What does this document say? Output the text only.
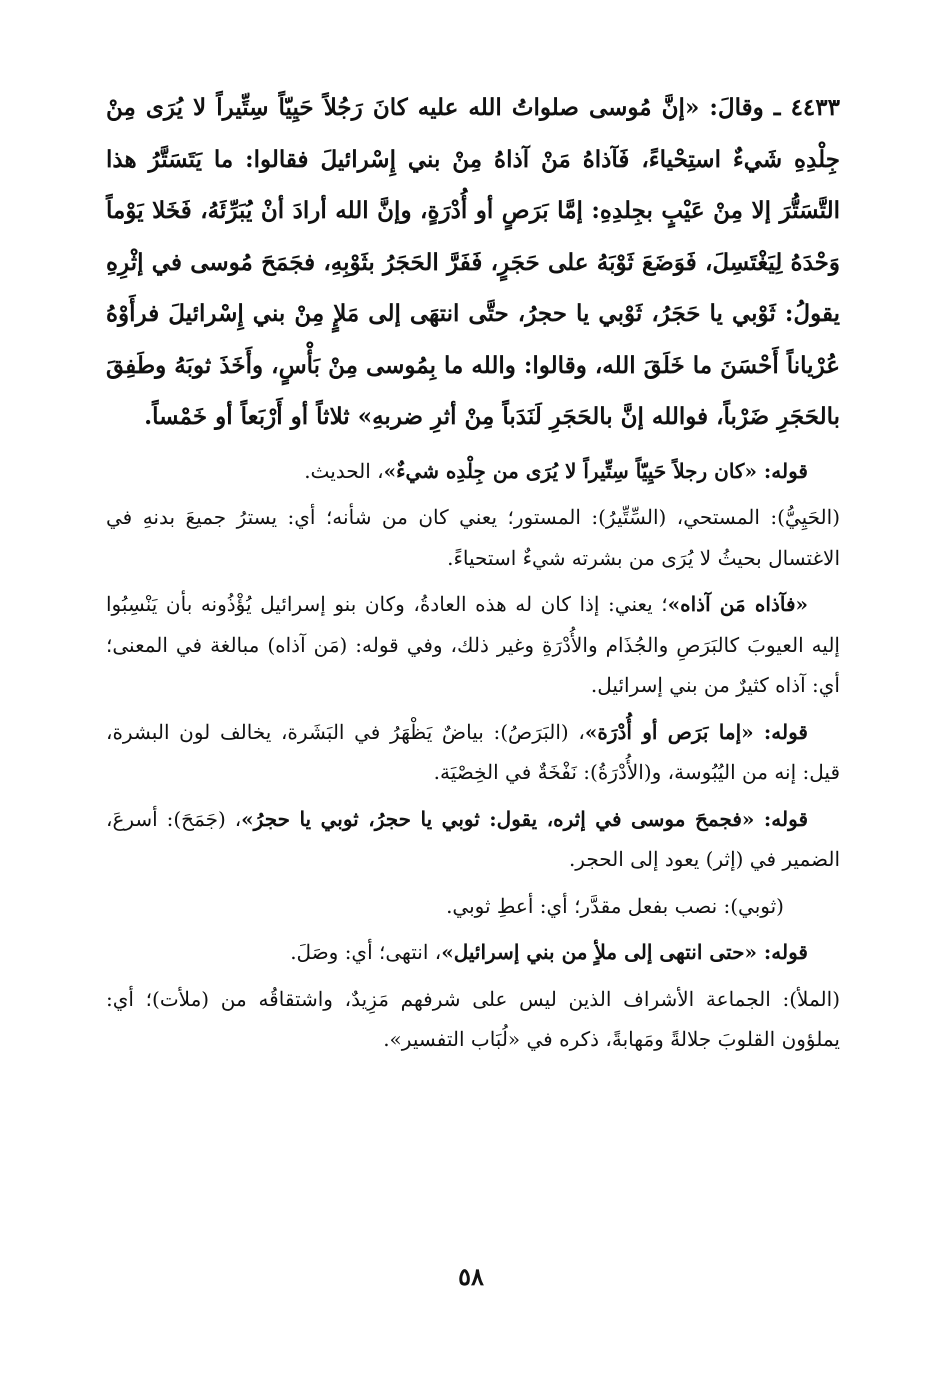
٤٤٣٣ ـ وقالَ: «إنَّ مُوسى صلواتُ الله عليه كانَ رَجُلاً حَيِيّاً سِتِّيراً لا يُرَى مِنْ جِلْدِهِ شَيءٌ استِحْياءً، فَآذاهُ مَنْ آذاهُ مِنْ بني إِسْرائيلَ فقالوا: ما يَتَسَتَّرُ هذا التَّسَتُّرَ إلا مِنْ عَيْبٍ بجِلدِهِ: إمَّا بَرَصٍ أو أُدْرَةٍ، وإنَّ الله أرادَ أنْ يُبَرِّئَهُ، فَخَلا يَوْماً وَحْدَهُ لِيَغْتَسِلَ، فَوَضَعَ ثَوْبَهُ على حَجَرٍ، فَفَرَّ الحَجَرُ بثَوْبِهِ، فجَمَحَ مُوسى في إثْرِهِ يقولُ: ثَوْبي يا حَجَرُ، ثَوْبي يا حجرُ، حتَّى انتهَى إلى مَلإٍ مِنْ بني إِسْرائيلَ فرأَوْهُ عُرْياناً أَحْسَنَ ما خَلَقَ الله، وقالوا: والله ما بِمُوسى مِنْ بَأْسٍ، وأَخَذَ ثوبَهُ وطَفِقَ بالحَجَرِ ضَرْباً، فوالله إنَّ بالحَجَرِ لَنَدَباً مِنْ أثرِ ضربهِ» ثلاثاً أو أَرْبَعاً أو خَمْساً.

قوله: «كان رجلاً حَيِيّاً سِتِّيراً لا يُرَى من جِلْدِه شيءٌ»، الحديث.

(الحَيِيُّ): المستحي، (السِّتِّيرُ): المستور؛ يعني كان من شأنه؛ أي: يسترُ جميعَ بدنهِ في الاغتسال بحيثُ لا يُرَى من بشرته شيءٌ استحياءً.

«فآذاه مَن آذاه»؛ يعني: إذا كان له هذه العادةُ، وكان بنو إسرائيل يُؤْذُونه بأن يَنْسِبُوا إليه العيوبَ كالبَرَصِ والجُذَام والأُدْرَةِ وغير ذلك، وفي قوله: (مَن آذاه) مبالغة في المعنى؛ أي: آذاه كثيرٌ من بني إسرائيل.

قوله: «إما بَرَص أو أُدْرَة»، (البَرَصُ): بياضٌ يَظْهَرُ في البَشَرة، يخالف لون البشرة، قيل: إنه من اليُبُوسة، و(الأُدْرَةُ): نَفْخَةٌ في الخِصْيَة.

قوله: «فجمحَ موسى في إثره، يقول: ثوبي يا حجرُ، ثوبي يا حجرُ»، (جَمَحَ): أسرعَ، الضمير في (إثر) يعود إلى الحجر.

(ثوبي): نصب بفعل مقدَّر؛ أي: أعطِ ثوبي.

قوله: «حتى انتهى إلى ملأٍ من بني إسرائيل»، انتهى؛ أي: وصَلَ.

(الملأ): الجماعة الأشراف الذين ليس على شرفهم مَزِيدٌ، واشتقاقُه من (ملأت)؛ أي: يملؤون القلوبَ جلالةً ومَهابةً، ذكره في «لُبَاب التفسير».

٥٨
